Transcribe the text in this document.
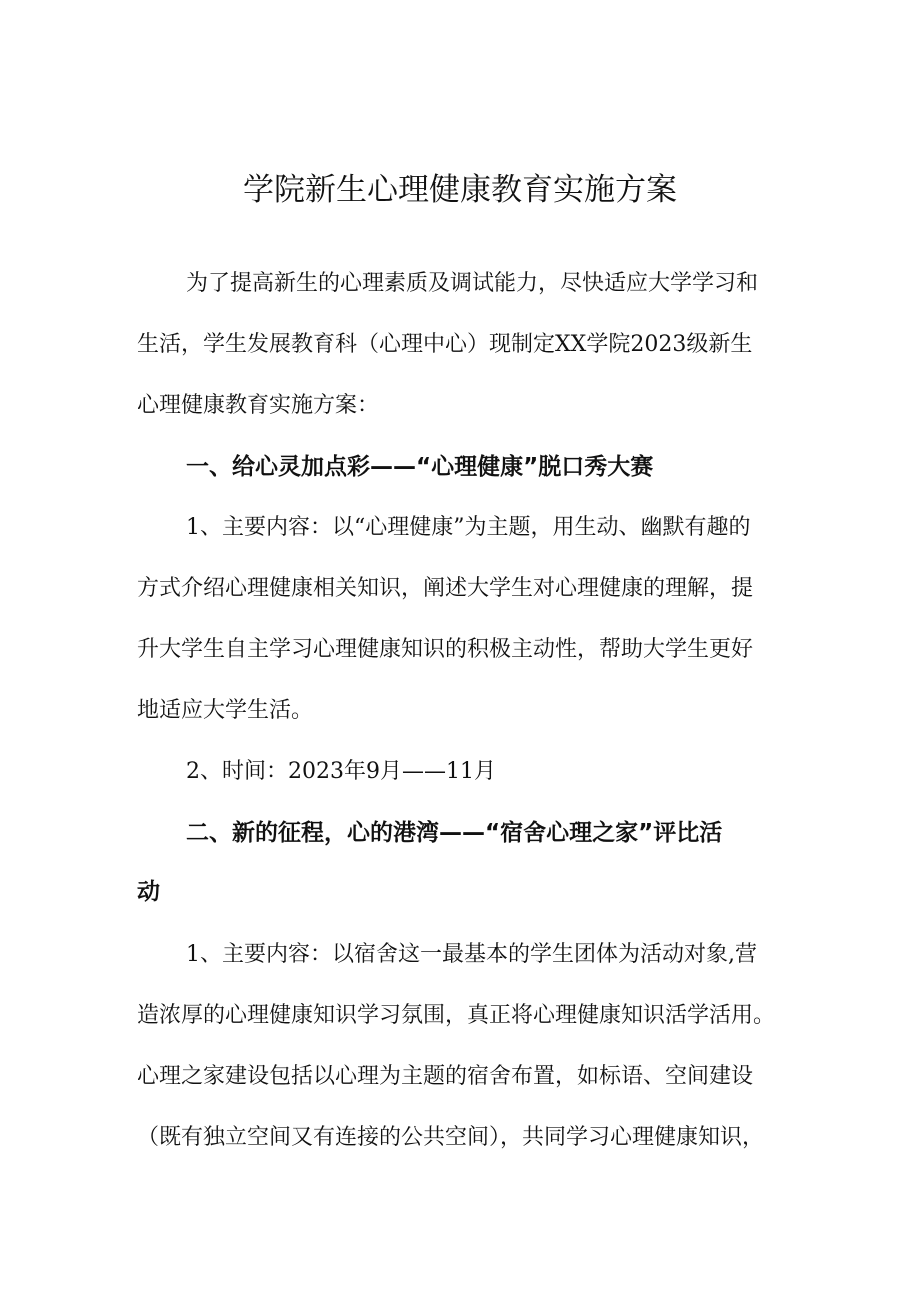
学院新生心理健康教育实施方案

为了提高新生的心理素质及调试能力，尽快适应大学学习和

生活，学生发展教育科（心理中心）现制定XX学院2023级新生

心理健康教育实施方案：

一、给心灵加点彩——“心理健康”脱口秀大赛

1、主要内容：以“心理健康”为主题，用生动、幽默有趣的

方式介绍心理健康相关知识，阐述大学生对心理健康的理解，提

升大学生自主学习心理健康知识的积极主动性，帮助大学生更好

地适应大学生活。

2、时间：2023年9月——11月

二、新的征程，心的港湾——“宿舍心理之家”评比活

动

1、主要内容：以宿舍这一最基本的学生团体为活动对象,营

造浓厚的心理健康知识学习氛围，真正将心理健康知识活学活用。

心理之家建设包括以心理为主题的宿舍布置，如标语、空间建设

（既有独立空间又有连接的公共空间），共同学习心理健康知识，
